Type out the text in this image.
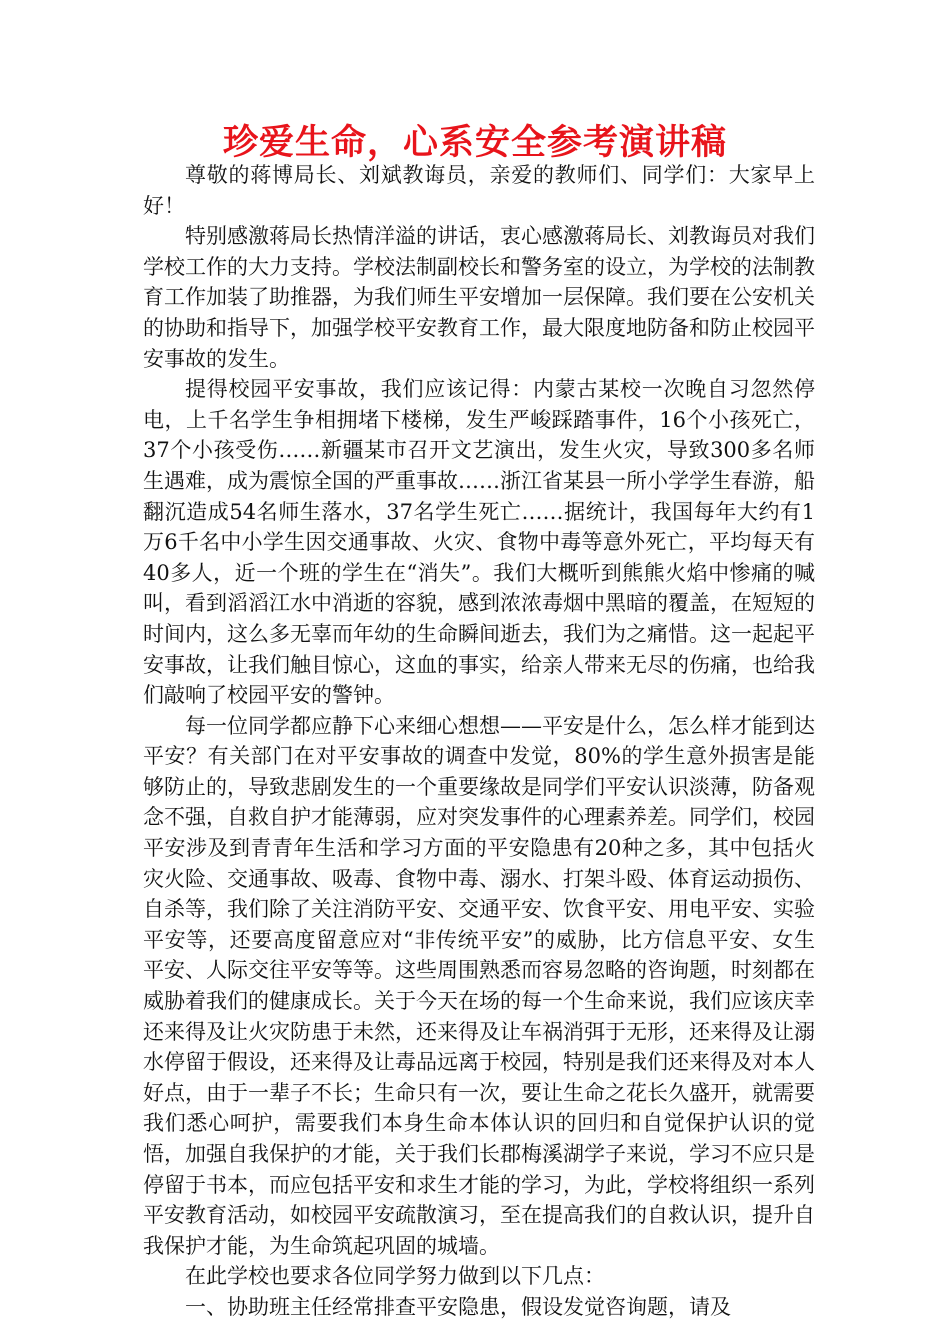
珍爱生命，心系安全参考演讲稿

尊敬的蒋博局长、刘斌教诲员，亲爱的教师们、同学们：大家早上好！

特别感激蒋局长热情洋溢的讲话，衷心感激蒋局长、刘教诲员对我们学校工作的大力支持。学校法制副校长和警务室的设立，为学校的法制教育工作加装了助推器，为我们师生平安增加一层保障。我们要在公安机关的协助和指导下，加强学校平安教育工作，最大限度地防备和防止校园平安事故的发生。

提得校园平安事故，我们应该记得：内蒙古某校一次晚自习忽然停电，上千名学生争相拥堵下楼梯，发生严峻踩踏事件，16个小孩死亡，37个小孩受伤……新疆某市召开文艺演出，发生火灾，导致300多名师生遇难，成为震惊全国的严重事故……浙江省某县一所小学学生春游，船翻沉造成54名师生落水，37名学生死亡……据统计，我国每年大约有1万6千名中小学生因交通事故、火灾、食物中毒等意外死亡，平均每天有40多人，近一个班的学生在“消失”。我们大概听到熊熊火焰中惨痛的喊叫，看到滔滔江水中消逝的容貌，感到浓浓毒烟中黑暗的覆盖，在短短的时间内，这么多无辜而年幼的生命瞬间逝去，我们为之痛惜。这一起起平安事故，让我们触目惊心，这血的事实，给亲人带来无尽的伤痛，也给我们敲响了校园平安的警钟。

每一位同学都应静下心来细心想想——平安是什么，怎么样才能到达平安？有关部门在对平安事故的调查中发觉，80%的学生意外损害是能够防止的，导致悲剧发生的一个重要缘故是同学们平安认识淡薄，防备观念不强，自救自护才能薄弱，应对突发事件的心理素养差。同学们，校园平安涉及到青青年生活和学习方面的平安隐患有20种之多，其中包括火灾火险、交通事故、吸毒、食物中毒、溺水、打架斗殴、体育运动损伤、自杀等，我们除了关注消防平安、交通平安、饮食平安、用电平安、实验平安等，还要高度留意应对“非传统平安”的威胁，比方信息平安、女生平安、人际交往平安等等。这些周围熟悉而容易忽略的咨询题，时刻都在威胁着我们的健康成长。关于今天在场的每一个生命来说，我们应该庆幸还来得及让火灾防患于未然，还来得及让车祸消弭于无形，还来得及让溺水停留于假设，还来得及让毒品远离于校园，特别是我们还来得及对本人好点，由于一辈子不长；生命只有一次，要让生命之花长久盛开，就需要我们悉心呵护，需要我们本身生命本体认识的回归和自觉保护认识的觉悟，加强自我保护的才能，关于我们长郡梅溪湖学子来说，学习不应只是停留于书本，而应包括平安和求生才能的学习，为此，学校将组织一系列平安教育活动，如校园平安疏散演习，至在提高我们的自救认识，提升自我保护才能，为生命筑起巩固的城墙。

在此学校也要求各位同学努力做到以下几点：

一、协助班主任经常排查平安隐患，假设发觉咨询题，请及
